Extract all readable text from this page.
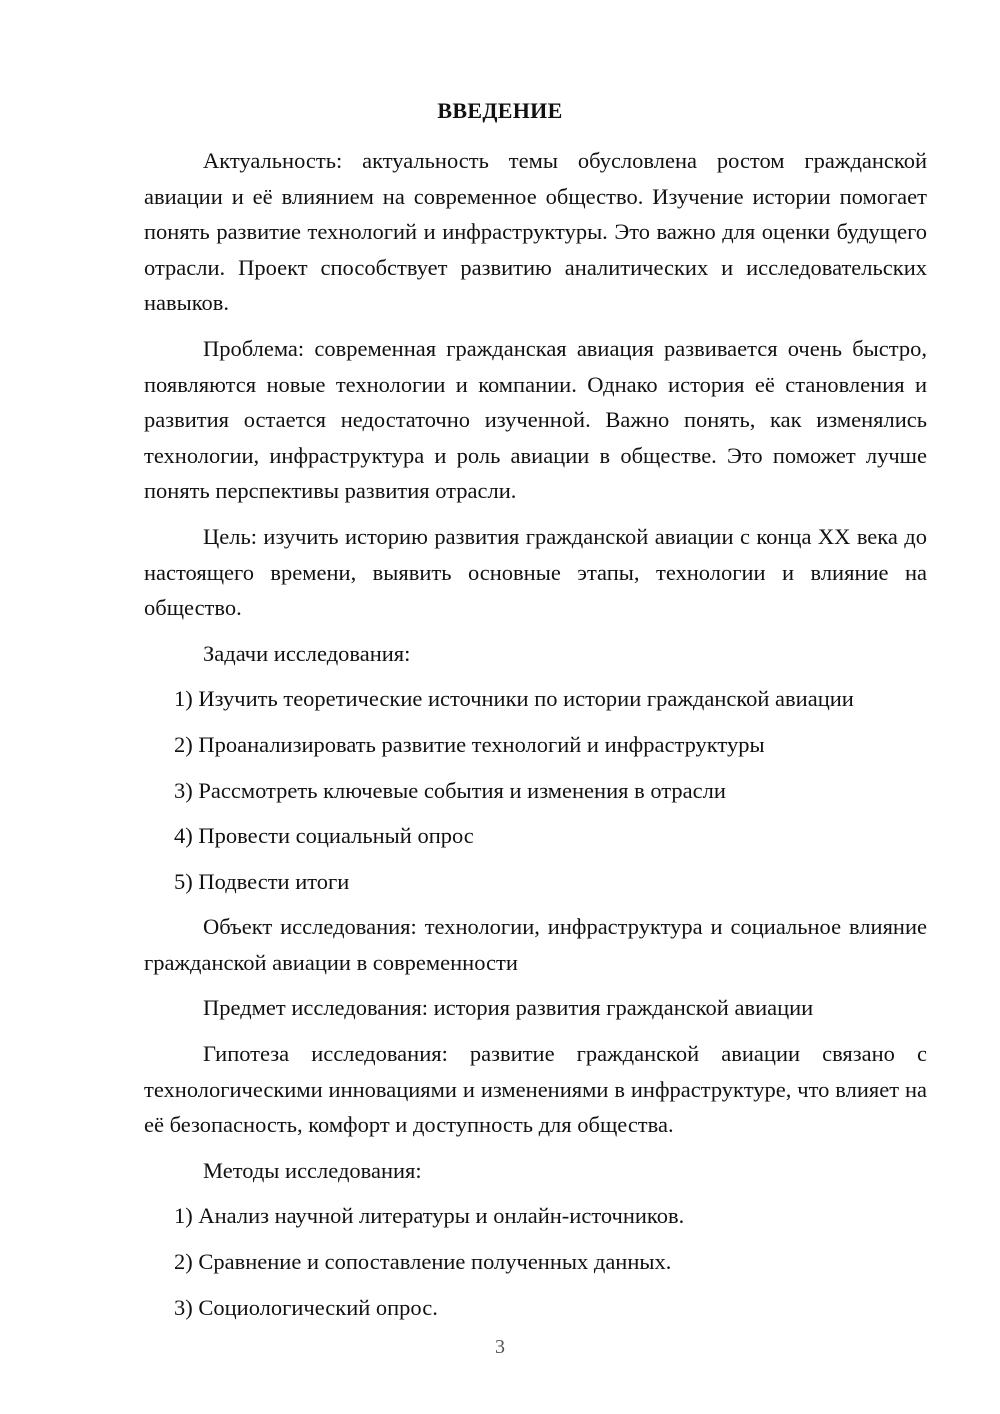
ВВЕДЕНИЕ

Актуальность: актуальность темы обусловлена ростом гражданской авиации и её влиянием на современное общество. Изучение истории помогает понять развитие технологий и инфраструктуры. Это важно для оценки будущего отрасли. Проект способствует развитию аналитических и исследовательских навыков.

Проблема: современная гражданская авиация развивается очень быстро, появляются новые технологии и компании. Однако история её становления и развития остается недостаточно изученной. Важно понять, как изменялись технологии, инфраструктура и роль авиации в обществе. Это поможет лучше понять перспективы развития отрасли.

Цель: изучить историю развития гражданской авиации с конца XX века до настоящего времени, выявить основные этапы, технологии и влияние на общество.

Задачи исследования:

1) Изучить теоретические источники по истории гражданской авиации
2) Проанализировать развитие технологий и инфраструктуры
3) Рассмотреть ключевые события и изменения в отрасли
4) Провести социальный опрос
5) Подвести итоги

Объект исследования: технологии, инфраструктура и социальное влияние гражданской авиации в современности

Предмет исследования: история развития гражданской авиации

Гипотеза исследования: развитие гражданской авиации связано с технологическими инновациями и изменениями в инфраструктуре, что влияет на её безопасность, комфорт и доступность для общества.

Методы исследования:

1) Анализ научной литературы и онлайн-источников.
2) Сравнение и сопоставление полученных данных.
3) Социологический опрос.
3
